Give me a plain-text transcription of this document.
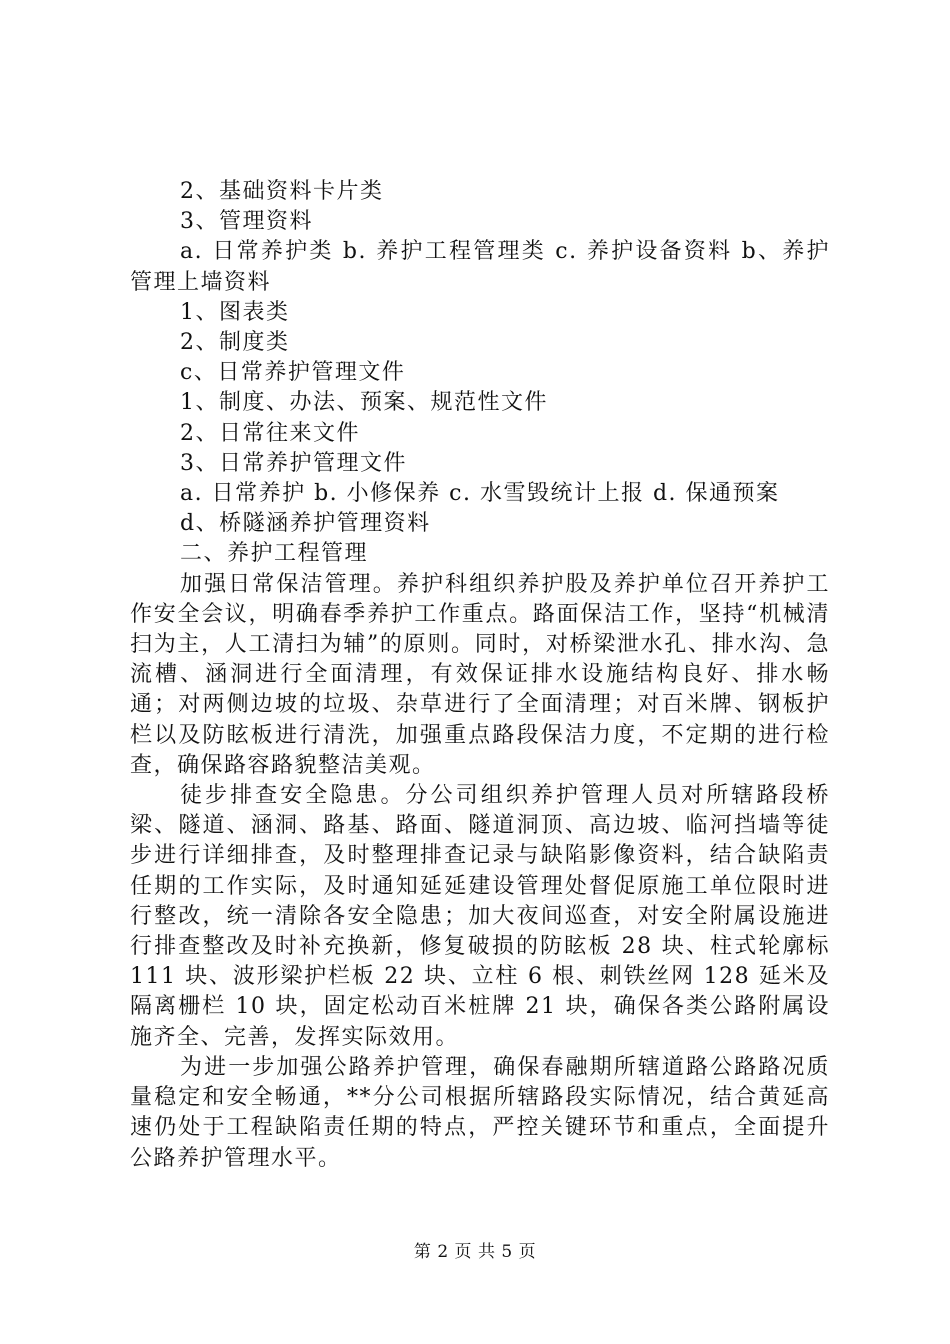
2、基础资料卡片类
3、管理资料

a. 日常养护类 b. 养护工程管理类 c. 养护设备资料 b、养护管理上墙资料

1、图表类
2、制度类
c、日常养护管理文件
1、制度、办法、预案、规范性文件
2、日常往来文件
3、日常养护管理文件
a. 日常养护 b. 小修保养 c. 水雪毁统计上报 d. 保通预案
d、桥隧涵养护管理资料
二、养护工程管理

加强日常保洁管理。养护科组织养护股及养护单位召开养护工作安全会议，明确春季养护工作重点。路面保洁工作，坚持“机械清扫为主，人工清扫为辅”的原则。同时，对桥梁泄水孔、排水沟、急流槽、涵洞进行全面清理，有效保证排水设施结构良好、排水畅通；对两侧边坡的垃圾、杂草进行了全面清理；对百米牌、钢板护栏以及防眩板进行清洗，加强重点路段保洁力度，不定期的进行检查，确保路容路貌整洁美观。

徒步排查安全隐患。分公司组织养护管理人员对所辖路段桥梁、隧道、涵洞、路基、路面、隧道洞顶、高边坡、临河挡墙等徒步进行详细排查，及时整理排查记录与缺陷影像资料，结合缺陷责任期的工作实际，及时通知延延建设管理处督促原施工单位限时进行整改，统一清除各安全隐患；加大夜间巡查，对安全附属设施进行排查整改及时补充换新，修复破损的防眩板 28 块、柱式轮廓标 111 块、波形梁护栏板 22 块、立柱 6 根、刺铁丝网 128 延米及隔离栅栏 10 块，固定松动百米桩牌 21 块，确保各类公路附属设施齐全、完善，发挥实际效用。

为进一步加强公路养护管理，确保春融期所辖道路公路路况质量稳定和安全畅通，**分公司根据所辖路段实际情况，结合黄延高速仍处于工程缺陷责任期的特点，严控关键环节和重点，全面提升公路养护管理水平。

第 2 页 共 5 页
